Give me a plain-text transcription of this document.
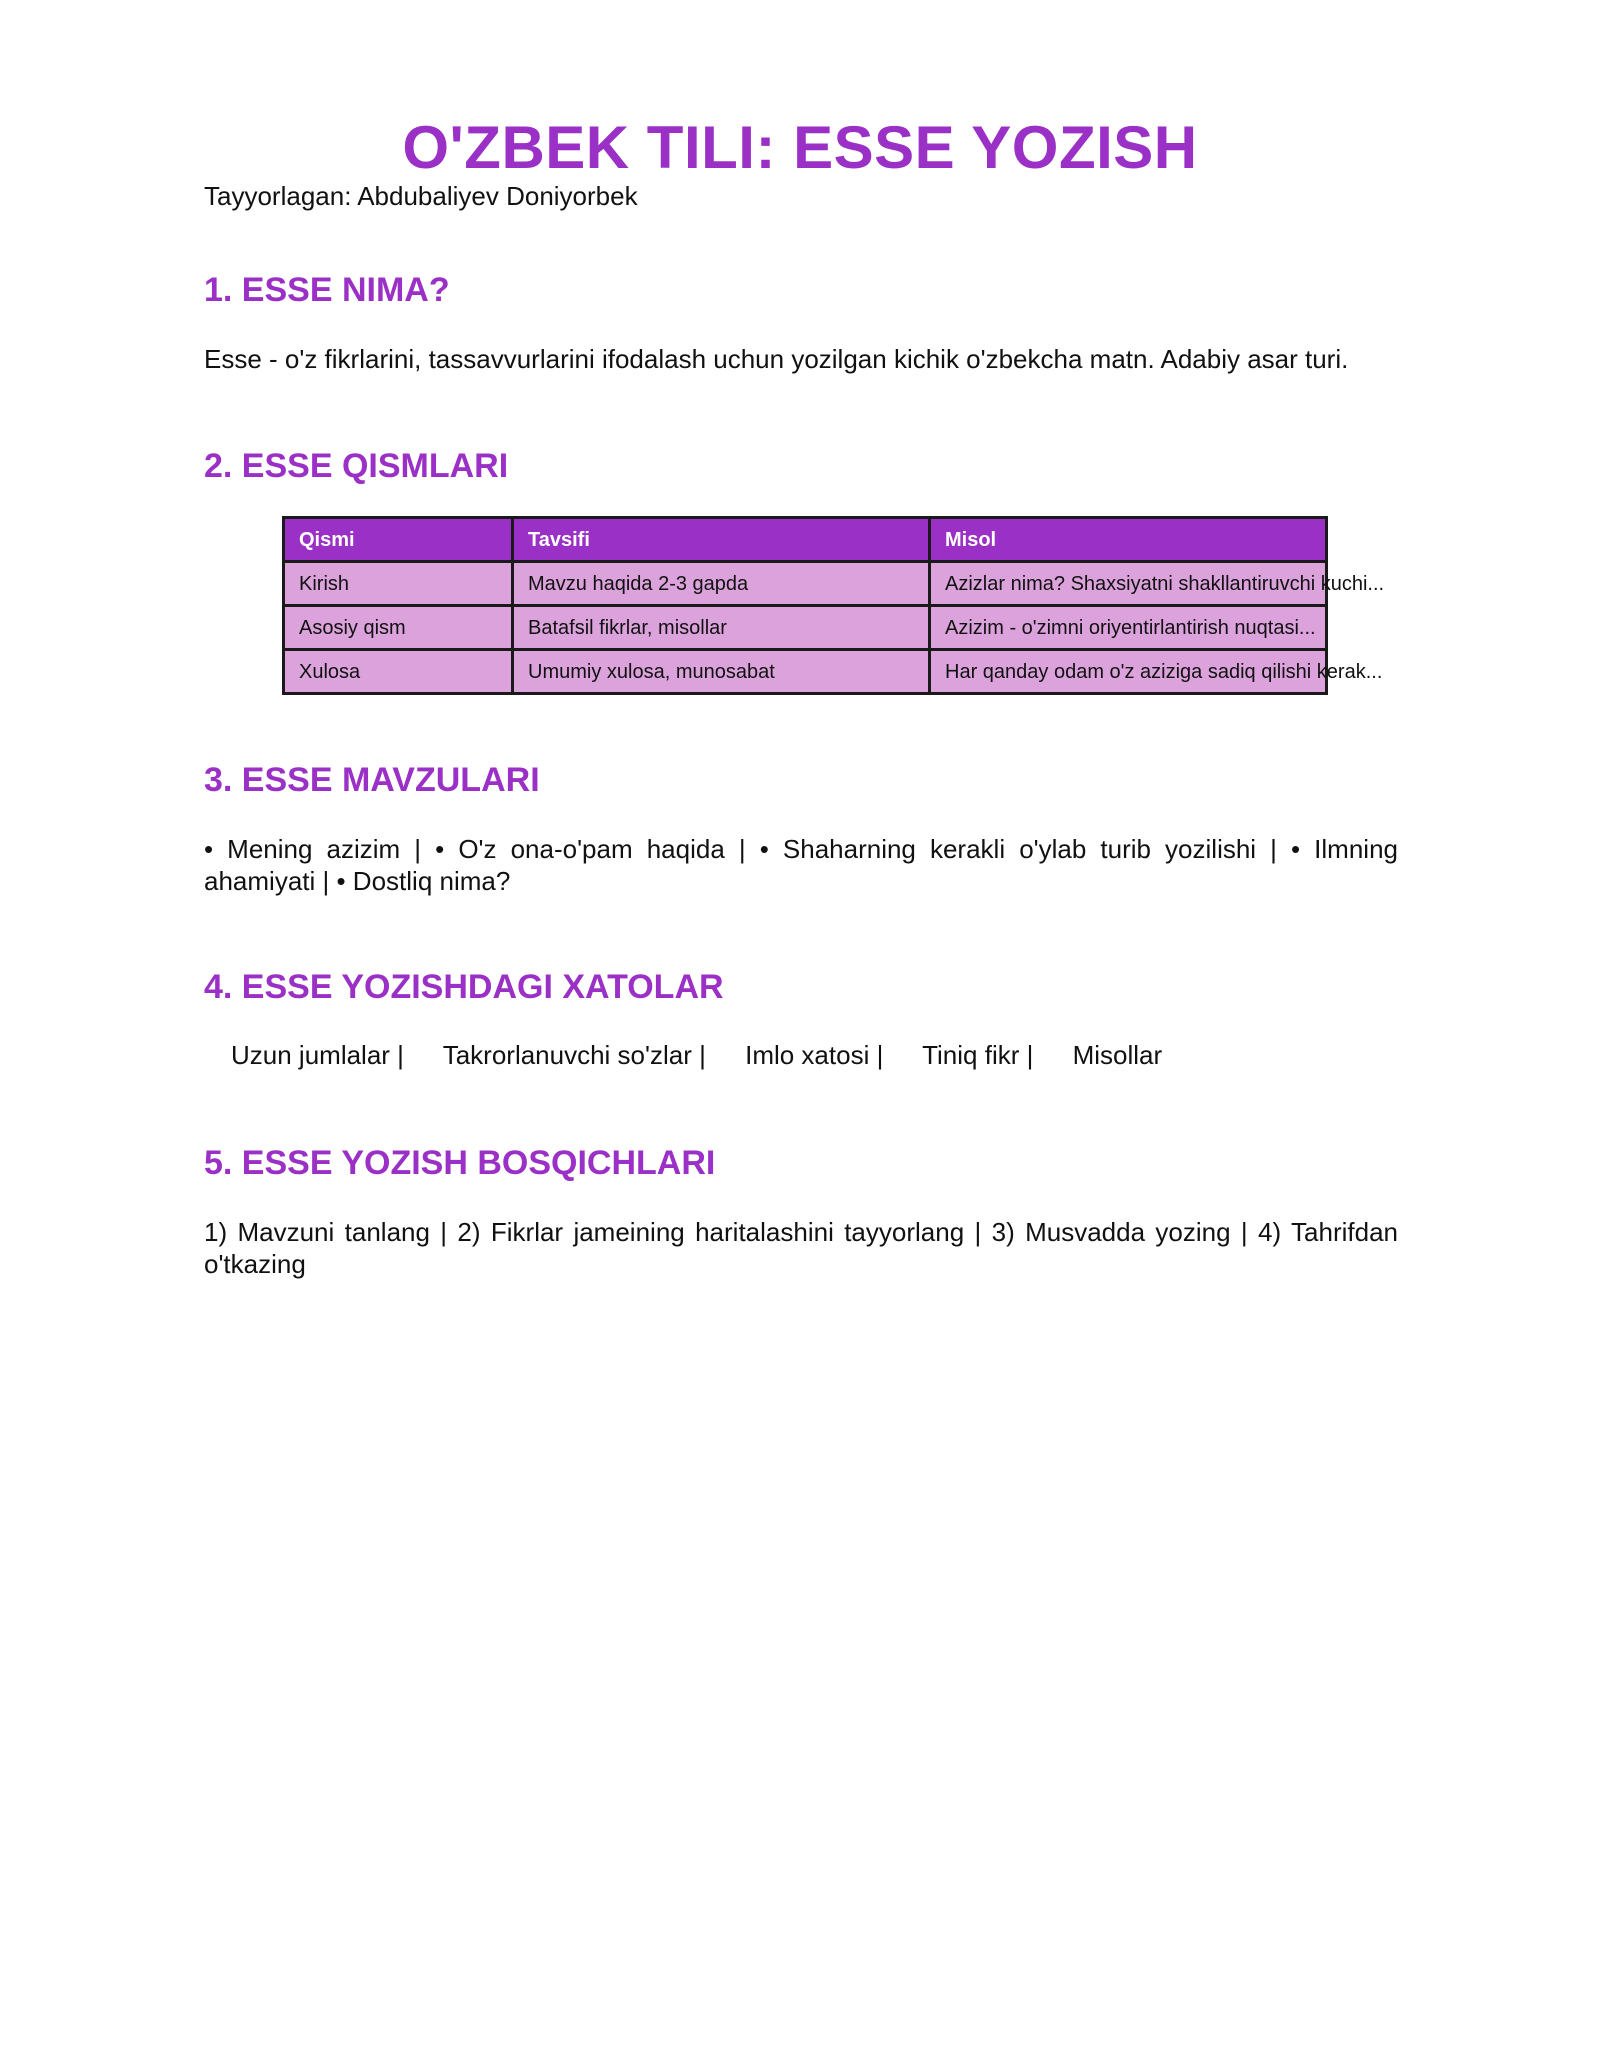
O'ZBEK TILI: ESSE YOZISH
Tayyorlagan: Abdubaliyev Doniyorbek
1. ESSE NIMA?
Esse - o'z fikrlarini, tassavvurlarini ifodalash uchun yozilgan kichik o'zbekcha matn. Adabiy asar turi.
2. ESSE QISMLARI
Qismi	Tavsifi	Misol
Kirish	Mavzu haqida 2-3 gapda	Azizlar nima? Shaxsiyatni shakllantiruvchi kuchi...
Asosiy qism	Batafsil fikrlar, misollar	Azizim - o'zimni oriyentirlantirish nuqtasi...
Xulosa	Umumiy xulosa, munosabat	Har qanday odam o'z aziziga sadiq qilishi kerak...
3. ESSE MAVZULARI
• Mening azizim | • O'z ona-o'pam haqida | • Shaharning kerakli o'ylab turib yozilishi | • Ilmning ahamiyati | • Dostliq nima?
4. ESSE YOZISHDAGI XATOLAR
Uzun jumlalar | Takrorlanuvchi so'zlar | Imlo xatosi | Tiniq fikr | Misollar
5. ESSE YOZISH BOSQICHLARI
1) Mavzuni tanlang | 2) Fikrlar jameining haritalashini tayyorlang | 3) Musvadda yozing | 4) Tahrifdan o'tkazing
